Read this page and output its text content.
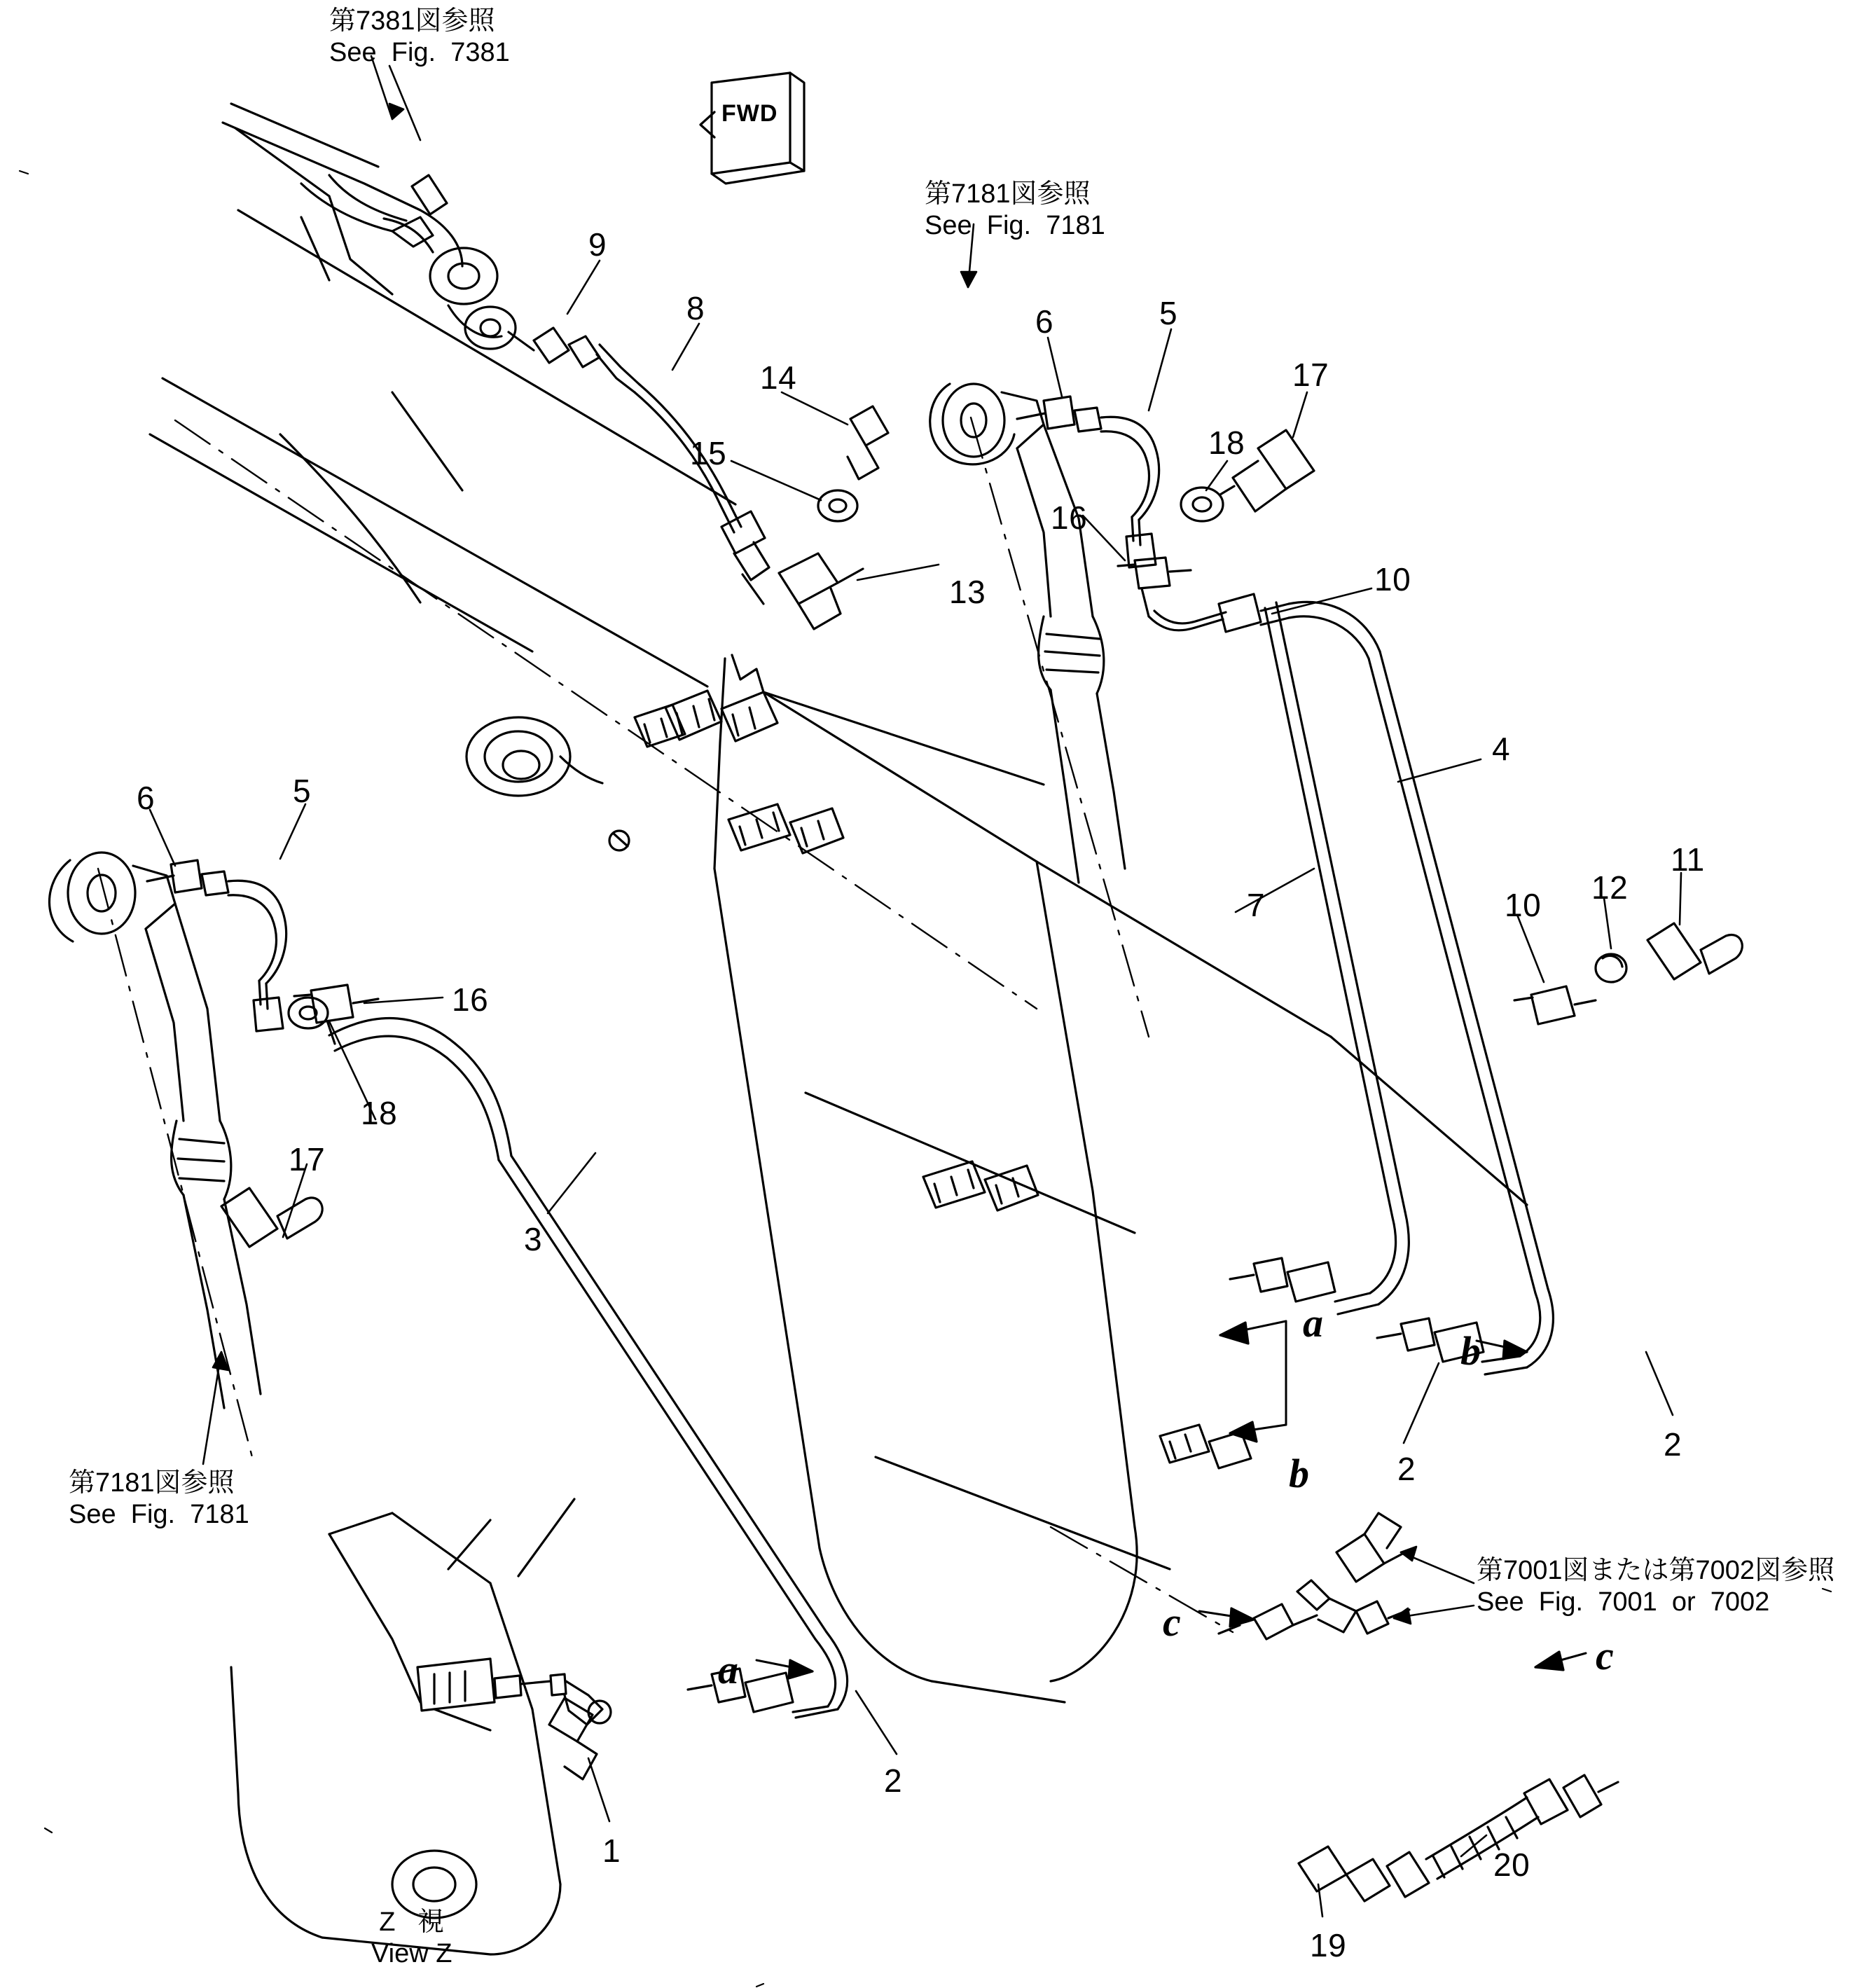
第7381図参照
See  Fig.  7381
第7181図参照
See  Fig.  7181
第7181図参照
See  Fig.  7181
第7001図または第7002図参照
See  Fig.  7001  or  7002
Z   視
View Z
FWD
a
b
b
a
c
c
9
8
14
15
13
6	5
18
17
16
10
4
7	10 12
11
6	5
16
18
17
3
2
2
2
1
19
20
